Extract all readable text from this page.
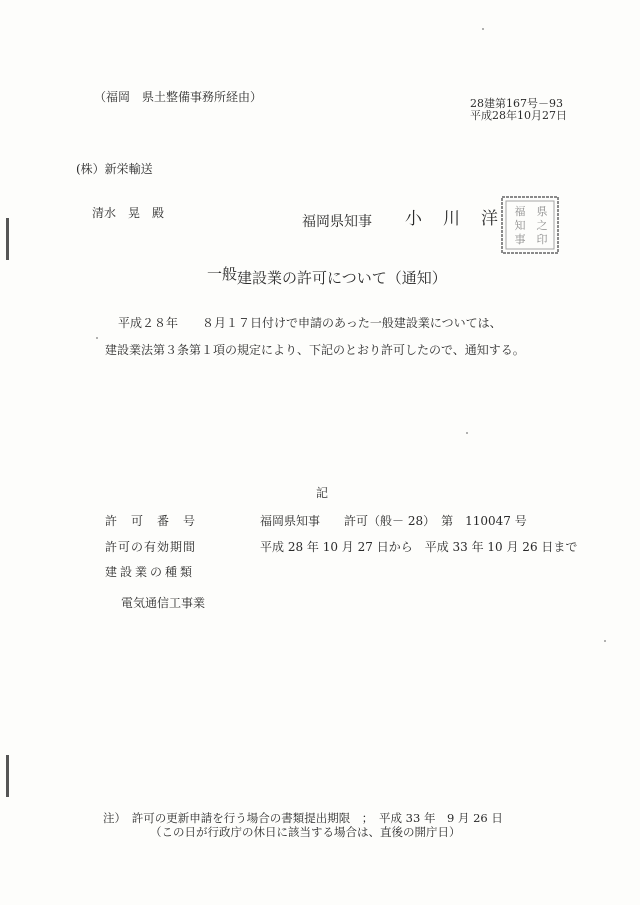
（福岡　県土整備事務所経由）	28建第167号－93
平成28年10月27日
(株）新栄輸送
清水　晃　殿
福岡県知事 小　川　洋	県
之
印
福
知
事
一般建設業の許可について（通知）
平成２８年　　８月１７日付けで申請のあった一般建設業については、
建設業法第３条第１項の規定により、下記のとおり許可したので、通知する。
記
許　可　番　号	福岡県知事　　許可（般－ 28）　第　110047 号
許可の有効期間	平成 28 年 10 月 27 日から　平成 33 年 10 月 26 日まで
建設業の種類
電気通信工事業
注）　許可の更新申請を行う場合の書類提出期限　；　平成 33 年　9 月 26 日
（この日が行政庁の休日に該当する場合は、直後の開庁日）
